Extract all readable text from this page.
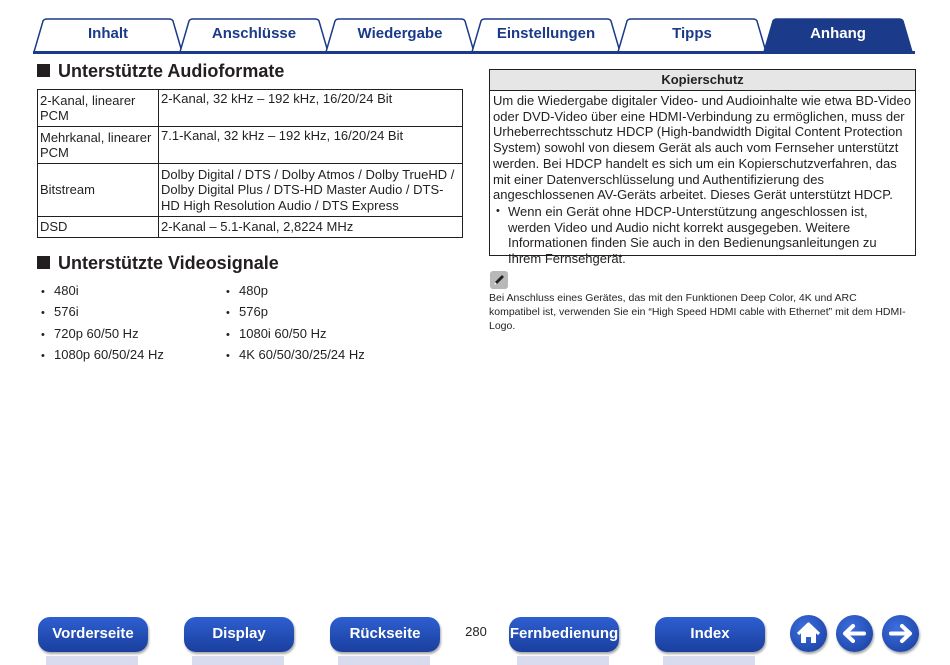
Inhalt	Anschlüsse	Wiedergabe	Einstellungen	Tipps	Anhang
Unterstützte Audioformate
2-Kanal, linearer PCM	2-Kanal, 32 kHz – 192 kHz, 16/20/24 Bit
Mehrkanal, linearer PCM	7.1-Kanal, 32 kHz – 192 kHz, 16/20/24 Bit
Bitstream	Dolby Digital / DTS / Dolby Atmos / Dolby TrueHD / Dolby Digital Plus / DTS-HD Master Audio / DTS-HD High Resolution Audio / DTS Express
DSD	2-Kanal – 5.1-Kanal, 2,8224 MHz
Unterstützte Videosignale
• 480i
• 576i
• 720p 60/50 Hz
• 1080p 60/50/24 Hz
• 480p
• 576p
• 1080i 60/50 Hz
• 4K 60/50/30/25/24 Hz
Kopierschutz
Um die Wiedergabe digitaler Video- und Audioinhalte wie etwa BD-Video oder DVD-Video über eine HDMI-Verbindung zu ermöglichen, muss der Urheberrechtsschutz HDCP (High-bandwidth Digital Content Protection System) sowohl von diesem Gerät als auch vom Fernseher unterstützt werden. Bei HDCP handelt es sich um ein Kopierschutzverfahren, das mit einer Datenverschlüsselung und Authentifizierung des angeschlossenen AV-Geräts arbeitet. Dieses Gerät unterstützt HDCP.
• Wenn ein Gerät ohne HDCP-Unterstützung angeschlossen ist, werden Video und Audio nicht korrekt ausgegeben. Weitere Informationen finden Sie auch in den Bedienungsanleitungen zu Ihrem Fernsehgerät.
Bei Anschluss eines Gerätes, das mit den Funktionen Deep Color, 4K und ARC kompatibel ist, verwenden Sie ein “High Speed HDMI cable with Ethernet” mit dem HDMI-Logo.
Vorderseite	Display	Rückseite	280	Fernbedienung	Index
